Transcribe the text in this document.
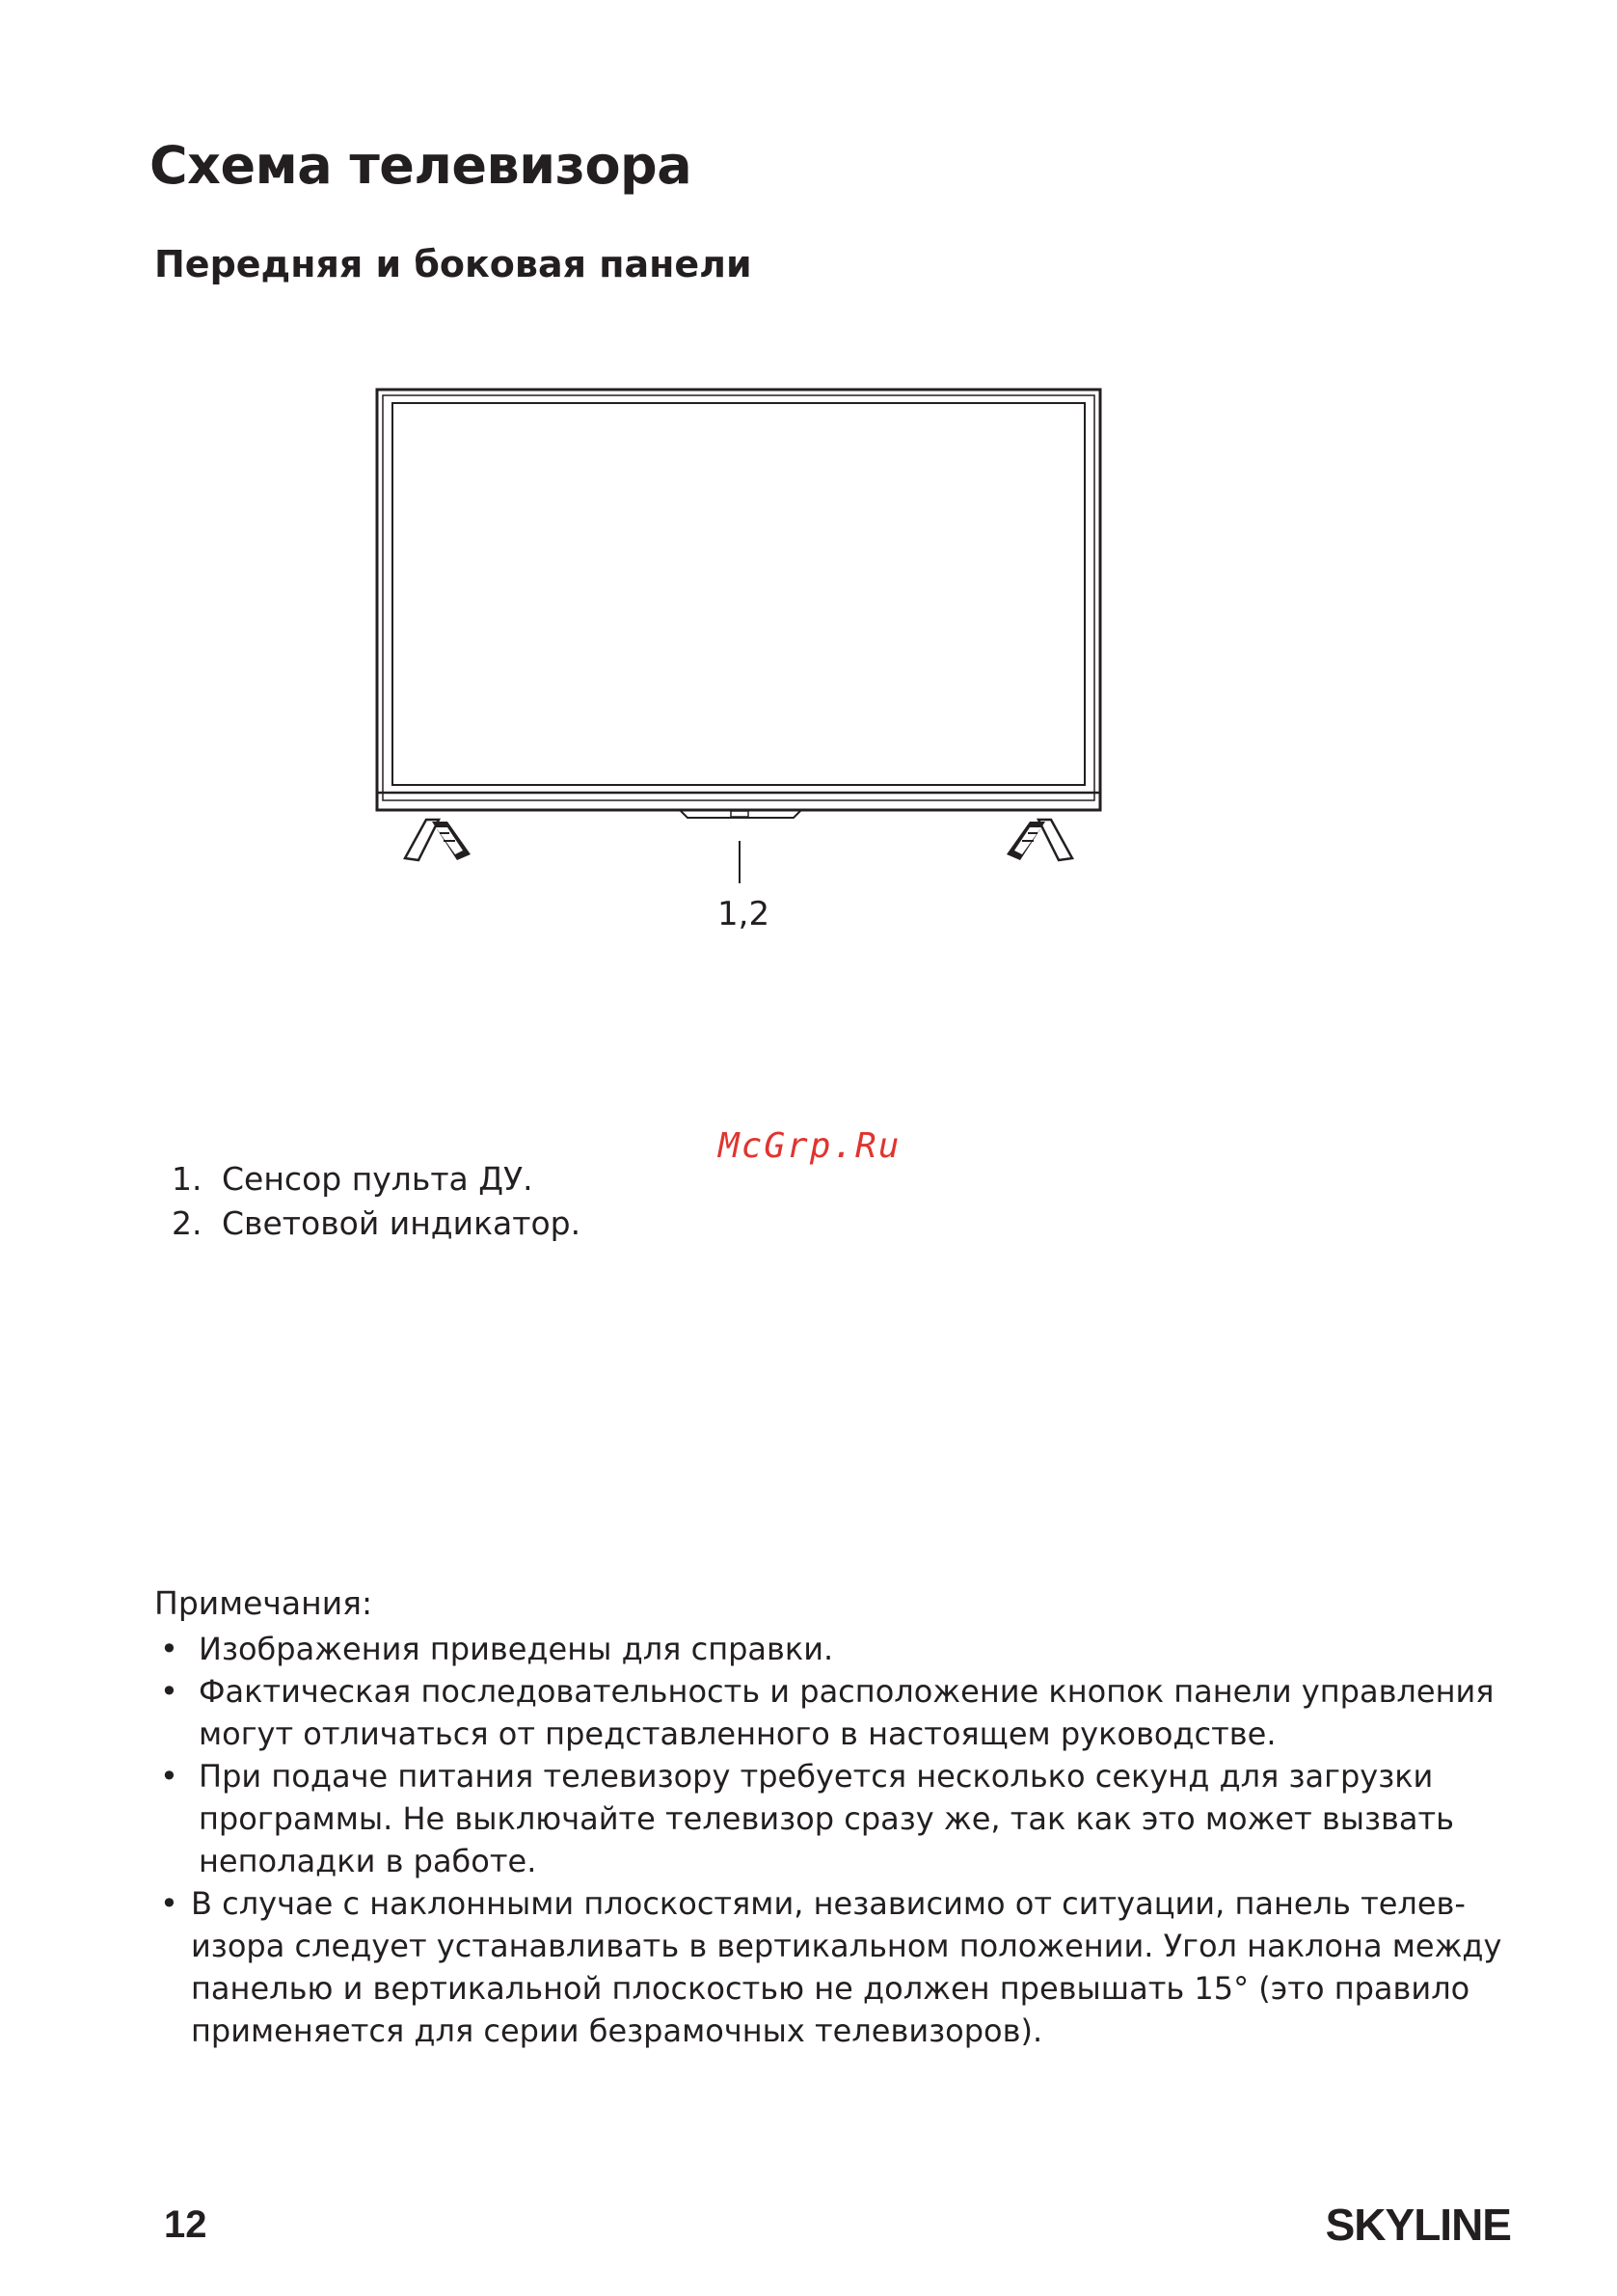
Схема телевизора
Передняя и боковая панели
1,2
McGrp.Ru
1. Сенсор пульта ДУ.
2. Световой индикатор.

Примечания:

• Изображения приведены для справки.
• Фактическая последовательность и расположение кнопок панели управления могут отличаться от представленного в настоящем руководстве.
• При подаче питания телевизору требуется несколько секунд для загрузки программы. Не выключайте телевизор сразу же, так как это может вызвать неполадки в работе.
• В случае с наклонными плоскостями, независимо от ситуации, панель телев-изора следует устанавливать в вертикальном положении. Угол наклона между панелью и вертикальной плоскостью не должен превышать 15° (это правило применяется для серии безрамочных телевизоров).
12	SKYLINE
